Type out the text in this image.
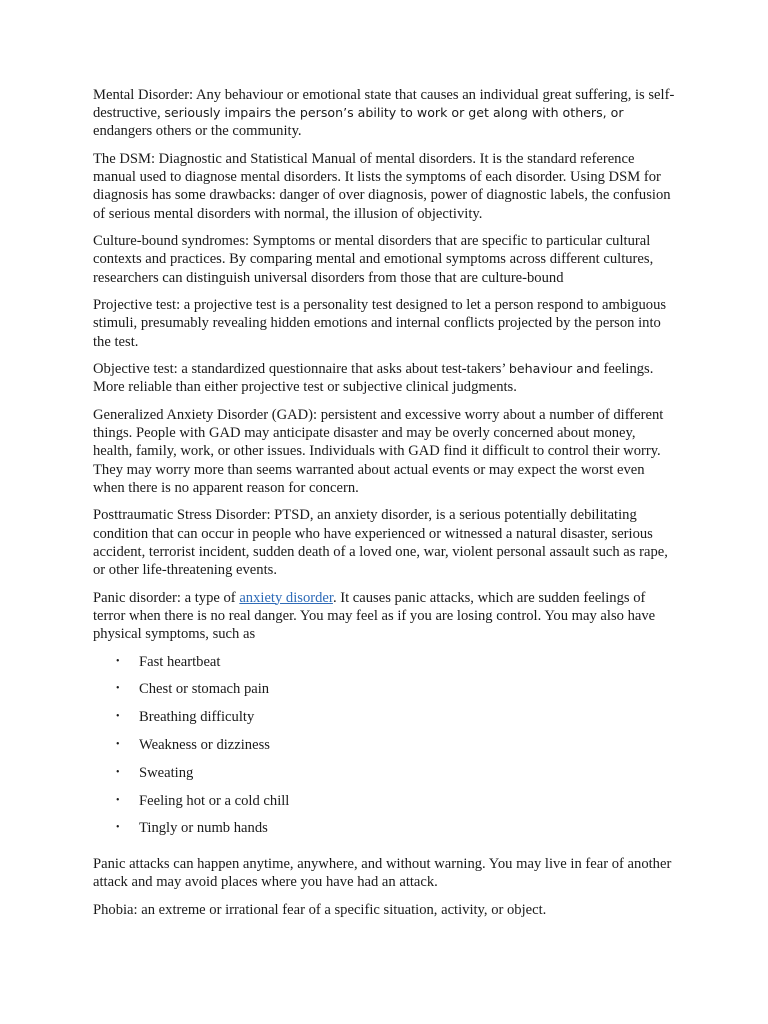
Mental Disorder: Any behaviour or emotional state that causes an individual great suffering, is self-destructive, seriously impairs the person’s ability to work or get along with others, or endangers others or the community.

The DSM: Diagnostic and Statistical Manual of mental disorders. It is the standard reference manual used to diagnose mental disorders. It lists the symptoms of each disorder. Using DSM for diagnosis has some drawbacks: danger of over diagnosis, power of diagnostic labels, the confusion of serious mental disorders with normal, the illusion of objectivity.

Culture-bound syndromes: Symptoms or mental disorders that are specific to particular cultural contexts and practices. By comparing mental and emotional symptoms across different cultures, researchers can distinguish universal disorders from those that are culture-bound

Projective test: a projective test is a personality test designed to let a person respond to ambiguous stimuli, presumably revealing hidden emotions and internal conflicts projected by the person into the test.

Objective test: a standardized questionnaire that asks about test-takers’ behaviour and feelings. More reliable than either projective test or subjective clinical judgments.

Generalized Anxiety Disorder (GAD): persistent and excessive worry about a number of different things. People with GAD may anticipate disaster and may be overly concerned about money, health, family, work, or other issues. Individuals with GAD find it difficult to control their worry. They may worry more than seems warranted about actual events or may expect the worst even when there is no apparent reason for concern.

Posttraumatic Stress Disorder: PTSD, an anxiety disorder, is a serious potentially debilitating condition that can occur in people who have experienced or witnessed a natural disaster, serious accident, terrorist incident, sudden death of a loved one, war, violent personal assault such as rape, or other life-threatening events.

Panic disorder: a type of anxiety disorder. It causes panic attacks, which are sudden feelings of terror when there is no real danger. You may feel as if you are losing control. You may also have physical symptoms, such as

• Fast heartbeat
• Chest or stomach pain
• Breathing difficulty
• Weakness or dizziness
• Sweating
• Feeling hot or a cold chill
• Tingly or numb hands

Panic attacks can happen anytime, anywhere, and without warning. You may live in fear of another attack and may avoid places where you have had an attack.

Phobia: an extreme or irrational fear of a specific situation, activity, or object.
